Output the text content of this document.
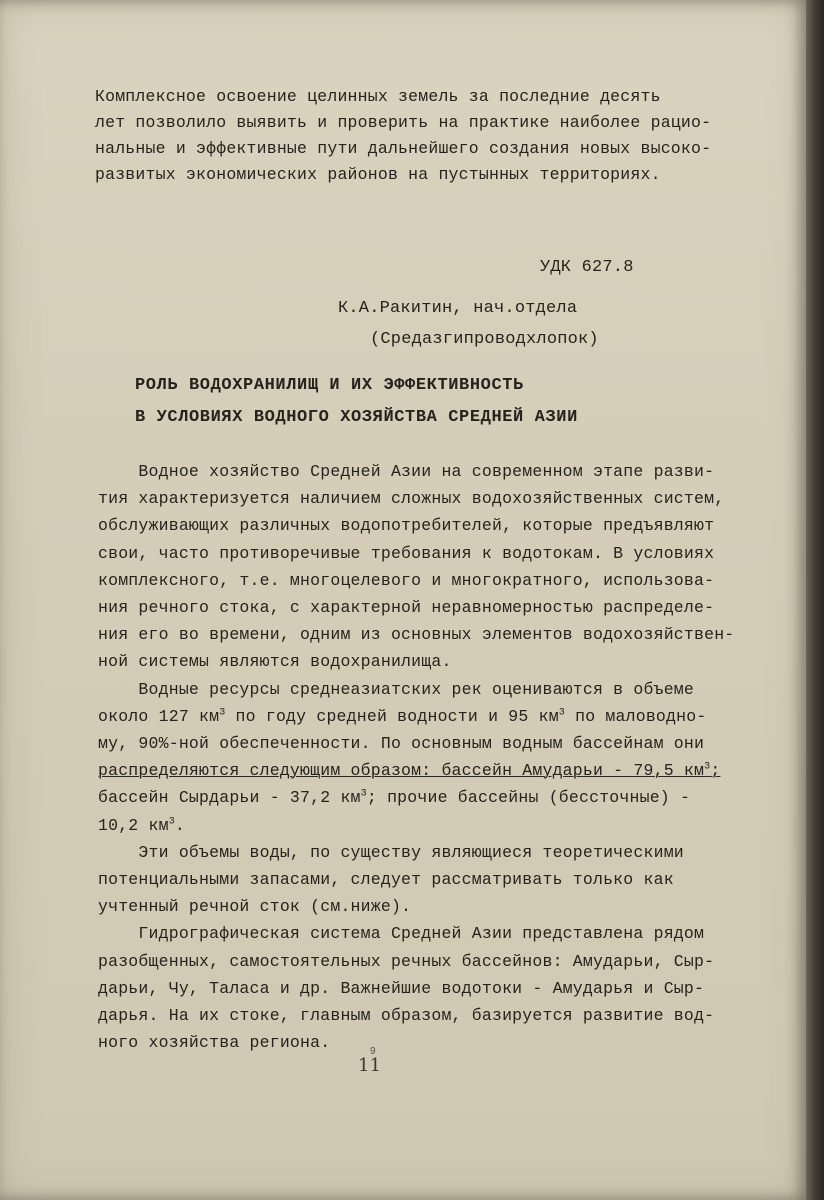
Комплексное освоение целинных земель за последние десять
лет позволило выявить и проверить на практике наиболее рацио-
нальные и эффективные пути дальнейшего создания новых высоко-
развитых экономических районов на пустынных территориях.
УДК 627.8
К.А.Ракитин, нач.отдела
(Средазгипроводхлопок)
РОЛЬ ВОДОХРАНИЛИЩ И ИХ ЭФФЕКТИВНОСТЬ
В УСЛОВИЯХ ВОДНОГО ХОЗЯЙСТВА СРЕДНЕЙ АЗИИ
Водное хозяйство Средней Азии на современном этапе разви-
тия характеризуется наличием сложных водохозяйственных систем,
обслуживающих различных водопотребителей, которые предъявляют
свои, часто противоречивые требования к водотокам. В условиях
комплексного, т.е. многоцелевого и многократного, использова-
ния речного стока, с характерной неравномерностью распределе-
ния его во времени, одним из основных элементов водохозяйствен-
ной системы являются водохранилища.
Водные ресурсы среднеазиатских рек оцениваются в объеме
около 127 $км^3$ по году средней водности и 95 $км^3$ по маловодно-
му, 90%-ной обеспеченности. По основным водным бассейнам они
распределяются следующим образом: бассейн Амударьи - 79,5 $км^3$;
бассейн Сырдарьи - 37,2 $км^3$; прочие бассейны (бессточные) -
10,2 $км^3$.
Эти объемы воды, по существу являющиеся теоретическими
потенциальными запасами, следует рассматривать только как
учтенный речной сток (см.ниже).
Гидрографическая система Средней Азии представлена рядом
разобщенных, самостоятельных речных бассейнов: Амударьи, Сыр-
дарьи, Чу, Таласа и др. Важнейшие водотоки - Амударья и Сыр-
дарья. На их стоке, главным образом, базируется развитие вод-
ного хозяйства региона.	9
11
